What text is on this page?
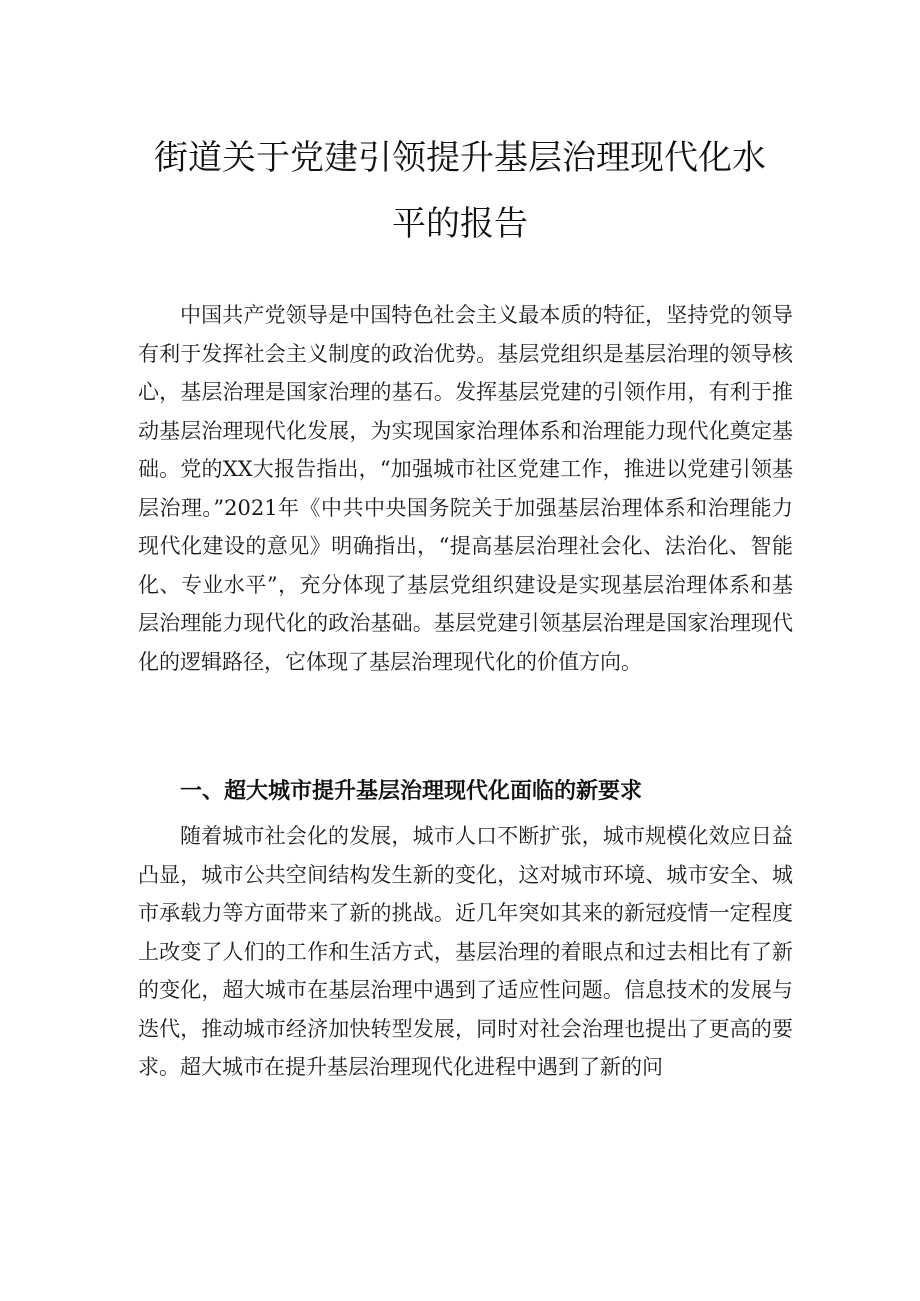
街道关于党建引领提升基层治理现代化水
平的报告

中国共产党领导是中国特色社会主义最本质的特征，坚持党的领导有利于发挥社会主义制度的政治优势。基层党组织是基层治理的领导核心，基层治理是国家治理的基石。发挥基层党建的引领作用，有利于推动基层治理现代化发展，为实现国家治理体系和治理能力现代化奠定基础。党的XX大报告指出，“加强城市社区党建工作，推进以党建引领基层治理。”2021年《中共中央国务院关于加强基层治理体系和治理能力现代化建设的意见》明确指出，“提高基层治理社会化、法治化、智能化、专业水平”，充分体现了基层党组织建设是实现基层治理体系和基层治理能力现代化的政治基础。基层党建引领基层治理是国家治理现代化的逻辑路径，它体现了基层治理现代化的价值方向。

一、超大城市提升基层治理现代化面临的新要求

随着城市社会化的发展，城市人口不断扩张，城市规模化效应日益凸显，城市公共空间结构发生新的变化，这对城市环境、城市安全、城市承载力等方面带来了新的挑战。近几年突如其来的新冠疫情一定程度上改变了人们的工作和生活方式，基层治理的着眼点和过去相比有了新的变化，超大城市在基层治理中遇到了适应性问题。信息技术的发展与迭代，推动城市经济加快转型发展，同时对社会治理也提出了更高的要求。超大城市在提升基层治理现代化进程中遇到了新的问
